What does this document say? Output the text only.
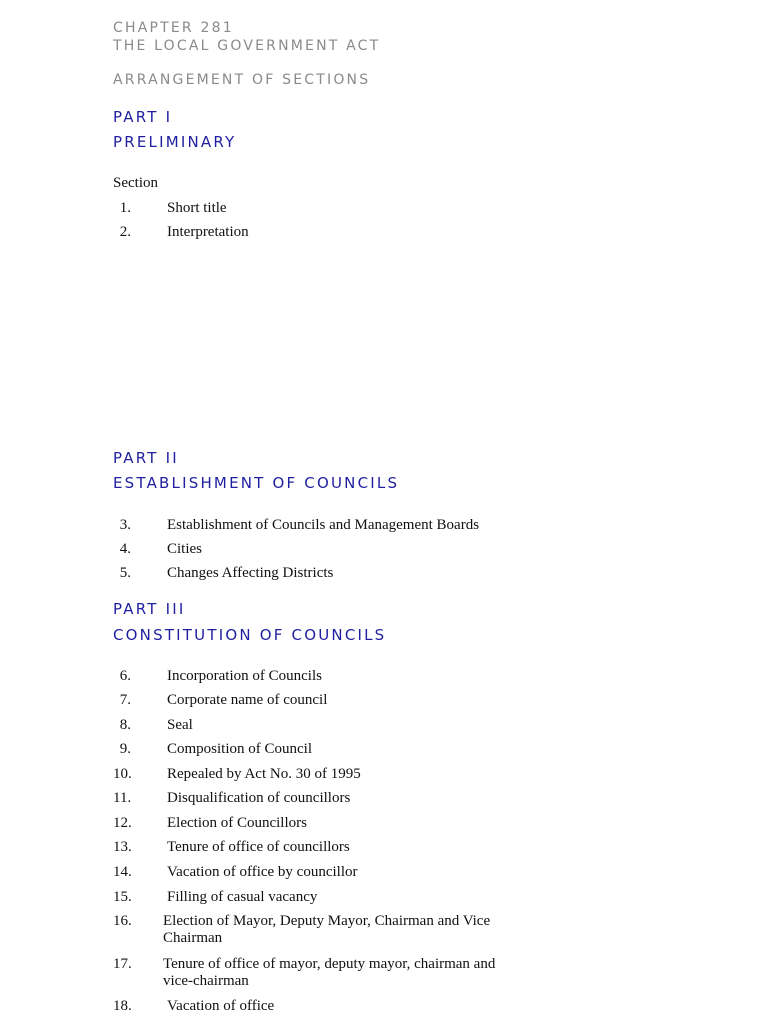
CHAPTER 281
THE LOCAL GOVERNMENT ACT
ARRANGEMENT OF SECTIONS
PART I
PRELIMINARY
Section
1. Short title
2. Interpretation
PART II
ESTABLISHMENT OF COUNCILS
3. Establishment of Councils and Management Boards
4. Cities
5. Changes Affecting Districts
PART III
CONSTITUTION OF COUNCILS
6. Incorporation of Councils
7. Corporate name of council
8. Seal
9. Composition of Council
10.	Repealed by Act No. 30 of 1995
11.	Disqualification of councillors
12.	Election of Councillors
13.	Tenure of office of councillors
14.	Vacation of office by councillor
15.	Filling of casual vacancy
16.	Election of Mayor, Deputy Mayor, Chairman and Vice Chairman
17.	Tenure of office of mayor, deputy mayor, chairman and vice-chairman
18.	Vacation of office
